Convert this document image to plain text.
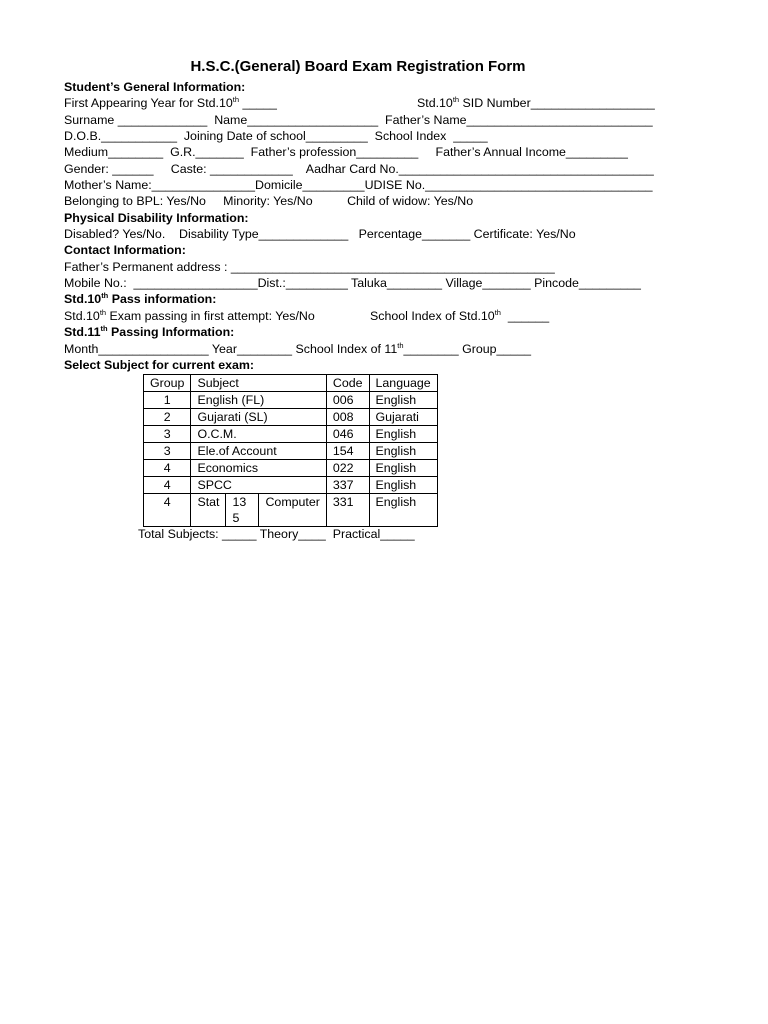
H.S.C.(General) Board Exam Registration Form
Student’s General Information:
First Appearing Year for Std.10th _____	Std.10th SID Number__________________
Surname _____________  Name___________________  Father’s Name___________________________
D.O.B.___________  Joining Date of school_________  School Index  _____
Medium________  G.R._______  Father’s profession_________     Father’s Annual Income_________
Gender: ______     Caste: ____________    Aadhar Card No._____________________________________
Mother’s Name:_______________Domicile_________UDISE No._________________________________
Belonging to BPL: Yes/No     Minority: Yes/No          Child of widow: Yes/No
Physical Disability Information:
Disabled? Yes/No.    Disability Type_____________   Percentage_______ Certificate: Yes/No
Contact Information:
Father’s Permanent address : _______________________________________________
Mobile No.:  __________________Dist.:_________ Taluka________ Village_______ Pincode_________
Std.10th Pass information:
Std.10th Exam passing in first attempt: Yes/No	School Index of Std.10th  ______
Std.11th Passing Information:
Month________________ Year________ School Index of 11th________ Group_____
Select Subject for current exam:
Group	Subject			Code	Language
1	English (FL)			006	English
2	Gujarati (SL)			008	Gujarati
3	O.C.M.			046	English
3	Ele.of Account			154	English
4	Economics			022	English
4	SPCC			337	English
4	Stat	135	Computer	331	English
Total Subjects: _____ Theory____  Practical_____
